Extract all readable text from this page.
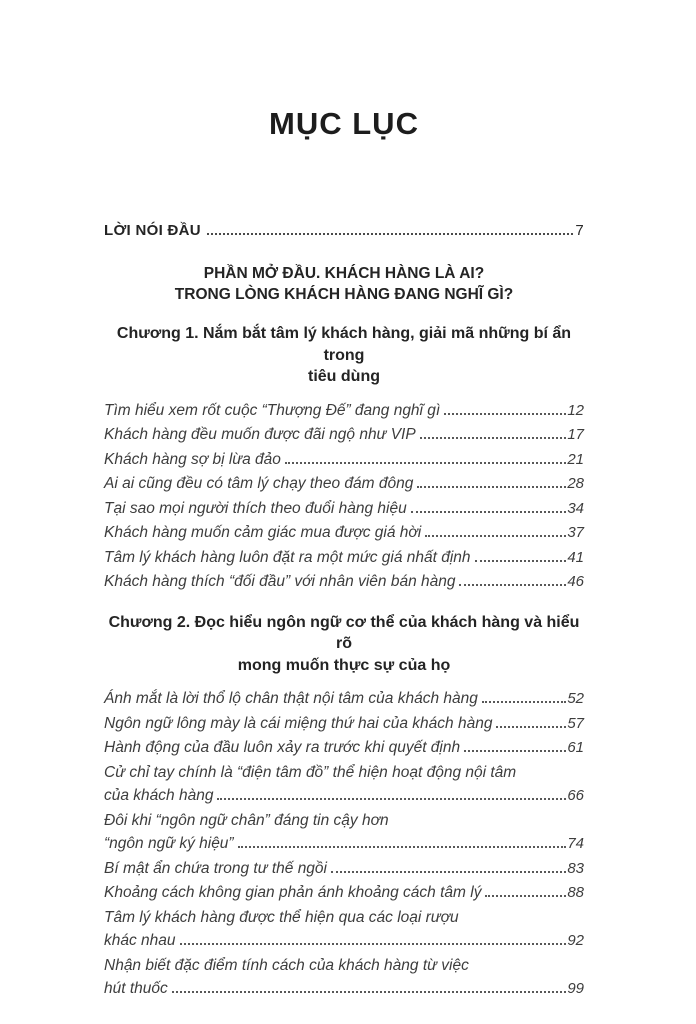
MỤC LỤC
LỜI NÓI ĐẦU	7
PHẦN MỞ ĐẦU. KHÁCH HÀNG LÀ AI?
TRONG LÒNG KHÁCH HÀNG ĐANG NGHĨ GÌ?
Chương 1. Nắm bắt tâm lý khách hàng, giải mã những bí ẩn trong
tiêu dùng
Tìm hiểu xem rốt cuộc “Thượng Đế” đang nghĩ gì	12
Khách hàng đều muốn được đãi ngộ như VIP	17
Khách hàng sợ bị lừa đảo	21
Ai ai cũng đều có tâm lý chạy theo đám đông	28
Tại sao mọi người thích theo đuổi hàng hiệu	34
Khách hàng muốn cảm giác mua được giá hời	37
Tâm lý khách hàng luôn đặt ra một mức giá nhất định	41
Khách hàng thích “đối đầu” với nhân viên bán hàng	46
Chương 2. Đọc hiểu ngôn ngữ cơ thể của khách hàng và hiểu rõ
mong muốn thực sự của họ
Ánh mắt là lời thổ lộ chân thật nội tâm của khách hàng	52
Ngôn ngữ lông mày là cái miệng thứ hai của khách hàng	57
Hành động của đầu luôn xảy ra trước khi quyết định	61
Cử chỉ tay chính là “điện tâm đồ” thể hiện hoạt động nội tâm
của khách hàng	66
Đôi khi “ngôn ngữ chân” đáng tin cậy hơn
“ngôn ngữ ký hiệu”	74
Bí mật ẩn chứa trong tư thế ngồi	83
Khoảng cách không gian phản ánh khoảng cách tâm lý	88
Tâm lý khách hàng được thể hiện qua các loại rượu
khác nhau	92
Nhận biết đặc điểm tính cách của khách hàng từ việc
hút thuốc	99
